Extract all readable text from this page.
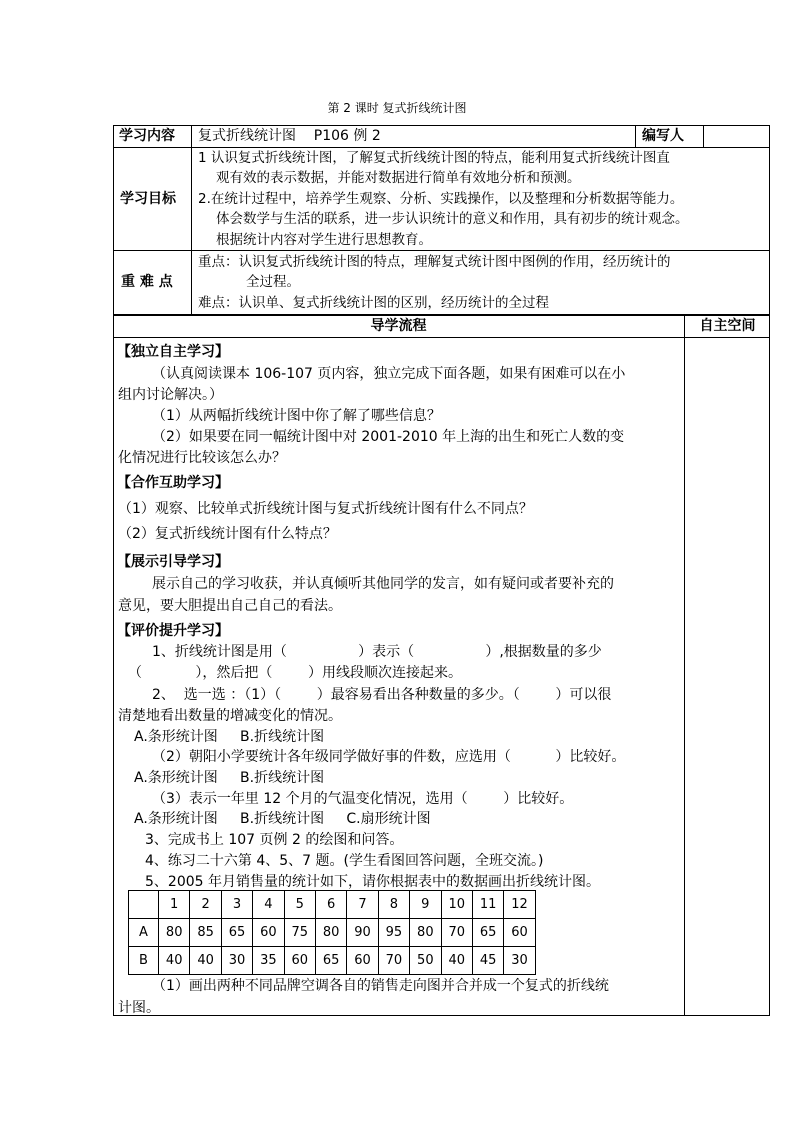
第 2 课时 复式折线统计图
学习内容 复式折线统计图    P106 例 2	编写人
学习目标
1 认识复式折线统计图，了解复式折线统计图的特点，能利用复式折线统计图直
观有效的表示数据，并能对数据进行简单有效地分析和预测。
2.在统计过程中，培养学生观察、分析、实践操作，以及整理和分析数据等能力。
体会数学与生活的联系，进一步认识统计的意义和作用，具有初步的统计观念。
根据统计内容对学生进行思想教育。
重 难 点
重点：认识复式折线统计图的特点，理解复式统计图中图例的作用，经历统计的
全过程。
难点：认识单、复式折线统计图的区别，经历统计的全过程
导学流程	自主空间
【独立自主学习】
（认真阅读课本 106-107 页内容，独立完成下面各题，如果有困难可以在小
组内讨论解决。）
（1）从两幅折线统计图中你了解了哪些信息？
（2）如果要在同一幅统计图中对 2001-2010 年上海的出生和死亡人数的变
化情况进行比较该怎么办？
【合作互助学习】
（1）观察、比较单式折线统计图与复式折线统计图有什么不同点？
（2）复式折线统计图有什么特点？
【展示引导学习】
展示自己的学习收获，并认真倾听其他同学的发言，如有疑问或者要补充的
意见，要大胆提出自己自己的看法。
【评价提升学习】
1、折线统计图是用（                ）表示（                ）,根据数量的多少
（            ），然后把（        ）用线段顺次连接起来。
2、  选一选 ：（1）（        ）最容易看出各种数量的多少。（        ）可以很
清楚地看出数量的增减变化的情况。
A.条形统计图     B.折线统计图
（2）朝阳小学要统计各年级同学做好事的件数，应选用（          ）比较好。
A.条形统计图     B.折线统计图
（3）表示一年里 12 个月的气温变化情况，选用（        ）比较好。
A.条形统计图     B.折线统计图     C.扇形统计图
3、完成书上 107 页例 2 的绘图和问答。
4、练习二十六第 4、5、7 题。(学生看图回答问题，全班交流。)
5、2005 年月销售量的统计如下，请你根据表中的数据画出折线统计图。
	1	2	3	4	5	6	7	8	9	10	11	12
A	80	85	65	60	75	80	90	95	80	70	65	60
B	40	40	30	35	60	65	60	70	50	40	45	30
（1）画出两种不同品牌空调各自的销售走向图并合并成一个复式的折线统
计图。
